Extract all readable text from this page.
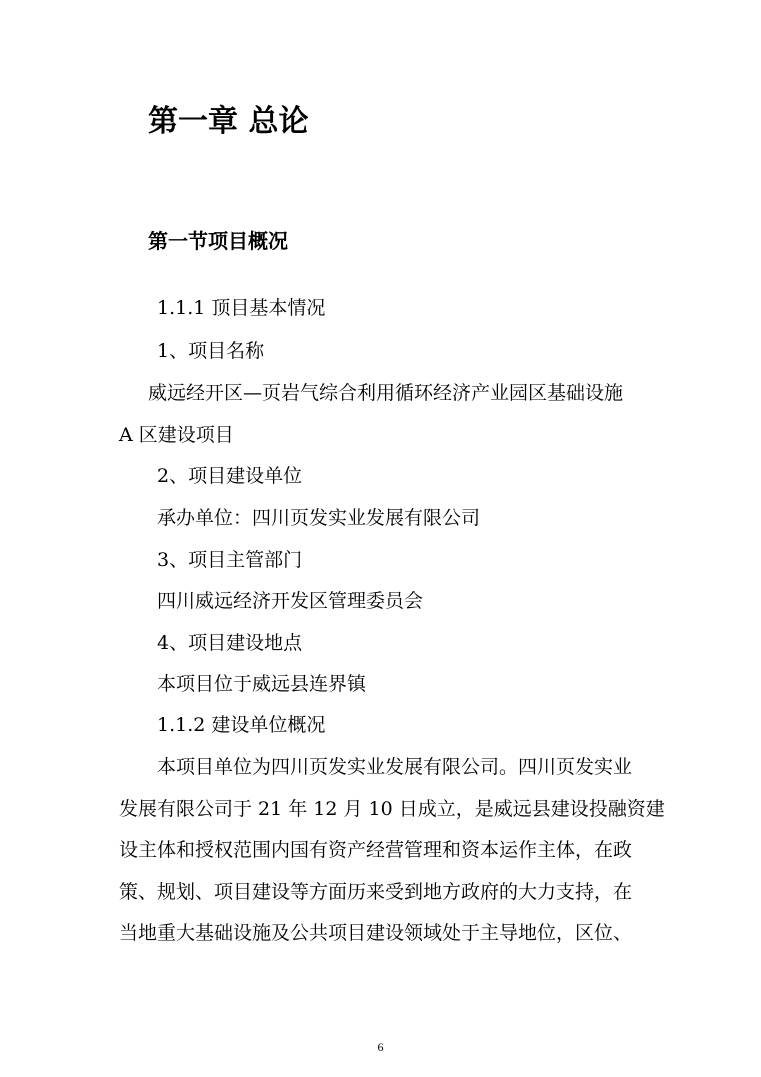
第一章 总论
第一节项目概况
1.1.1 顶目基本情况
1、项目名称
威远经开区—页岩气综合利用循环经济产业园区基础设施
A 区建设项目
2、项目建设单位
承办单位：四川页发实业发展有限公司
3、项目主管部门
四川威远经济开发区管理委员会
4、项目建设地点
本项目位于威远县连界镇
1.1.2 建设单位概况
本项目单位为四川页发实业发展有限公司。四川页发实业
发展有限公司于 21 年 12 月 10 日成立，是威远县建设投融资建
设主体和授权范围内国有资产经营管理和资本运作主体，在政
策、规划、项目建设等方面历来受到地方政府的大力支持，在
当地重大基础设施及公共项目建设领域处于主导地位，区位、
6
